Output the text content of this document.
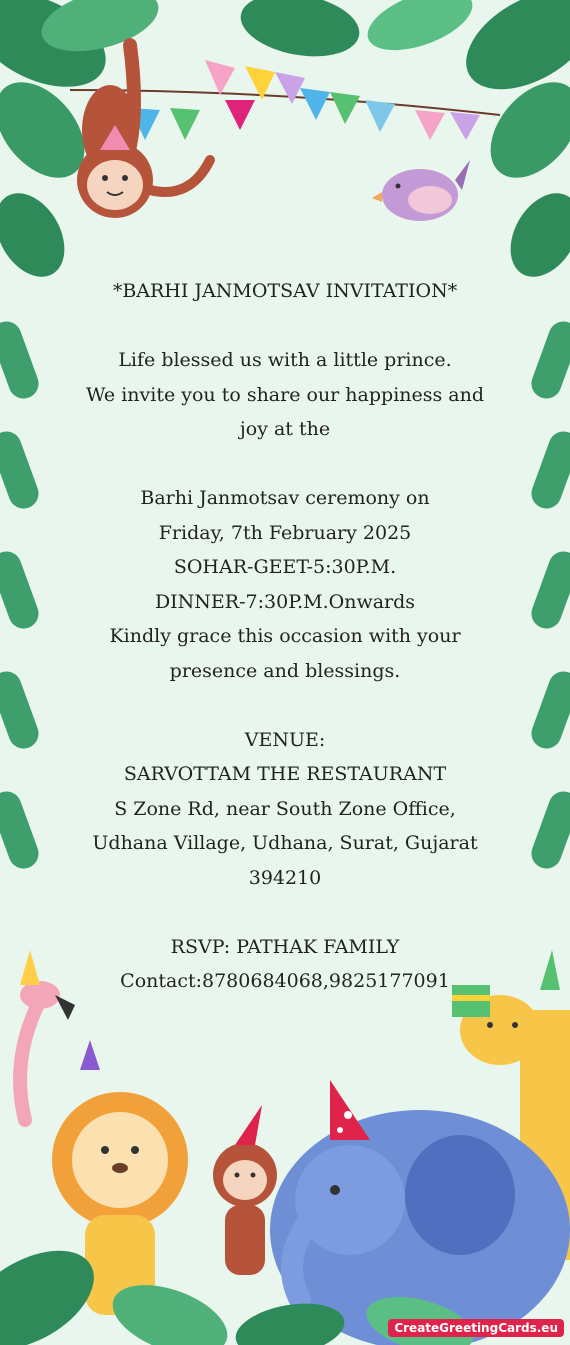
*BARHI JANMOTSAV INVITATION*
Life blessed us with a little prince.
We invite you to share our happiness and
joy at the
Barhi Janmotsav ceremony on
Friday, 7th February 2025
SOHAR-GEET-5:30P.M.
DINNER-7:30P.M.Onwards
Kindly grace this occasion with your
presence and blessings.
VENUE:
SARVOTTAM THE RESTAURANT
S Zone Rd, near South Zone Office,
Udhana Village, Udhana, Surat, Gujarat
394210
RSVP: PATHAK FAMILY
Contact:8780684068,9825177091
CreateGreetingCards.eu
